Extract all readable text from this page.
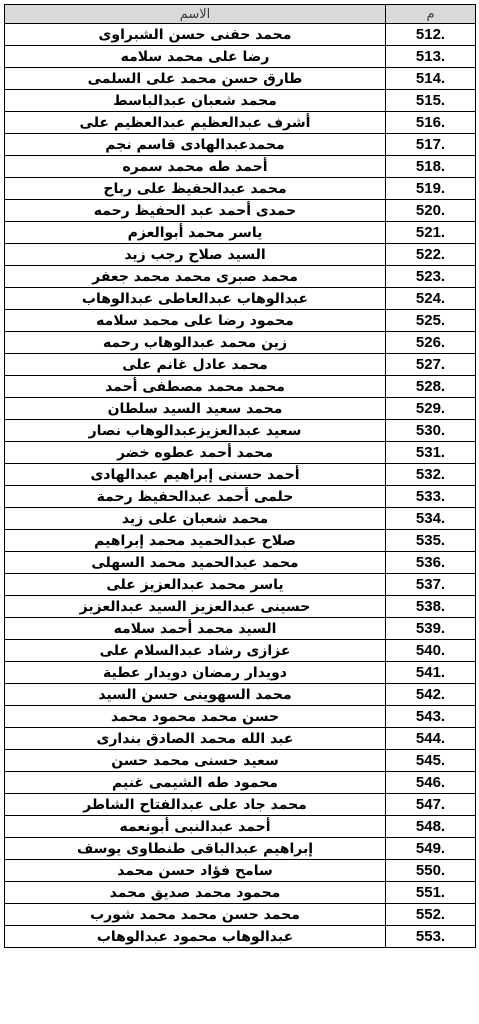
م	الاسم
.512	محمد حفنى حسن الشبراوى
.513	رضا على محمد سلامه
.514	طارق حسن محمد على السلمى
.515	محمد شعبان عبدالباسط
.516	أشرف عبدالعظيم عبدالعظيم على
.517	محمدعبدالهادى قاسم نجم
.518	أحمد طه محمد سمره
.519	محمد عبدالحفيظ على رباح
.520	حمدى أحمد عبد الحفيظ رحمه
.521	ياسر محمد أبوالعزم
.522	السيد صلاح رجب زيد
.523	محمد صبرى محمد محمد جعفر
.524	عبدالوهاب عبدالعاطى عبدالوهاب
.525	محمود رضا على محمد سلامه
.526	زين محمد عبدالوهاب رحمه
.527	محمد عادل غانم على
.528	محمد محمد مصطفى أحمد
.529	محمد سعيد السيد سلطان
.530	سعيد عبدالعزيزعبدالوهاب نصار
.531	محمد أحمد عطوه خضر
.532	أحمد حسنى إبراهيم عبدالهادى
.533	حلمى أحمد عبدالحفيظ رحمة
.534	محمد شعبان على زيد
.535	صلاح عبدالحميد محمد إبراهيم
.536	محمد عبدالحميد محمد السهلى
.537	ياسر محمد عبدالعزيز على
.538	حسينى عبدالعزيز السيد عبدالعزيز
.539	السيد محمد أحمد سلامه
.540	عزازى رشاد عبدالسلام على
.541	دويدار رمضان دويدار عطية
.542	محمد السهوينى حسن السيد
.543	حسن محمد محمود محمد
.544	عبد الله محمد الصادق بندارى
.545	سعيد حسنى محمد حسن
.546	محمود طه الشيمى غنيم
.547	محمد جاد على عبدالفتاح الشاطر
.548	أحمد عبدالنبى أبونعمه
.549	إبراهيم عبدالباقى طنطاوى يوسف
.550	سامح فؤاد حسن محمد
.551	محمود محمد صديق محمد
.552	محمد حسن محمد محمد شورب
.553	عبدالوهاب محمود عبدالوهاب
